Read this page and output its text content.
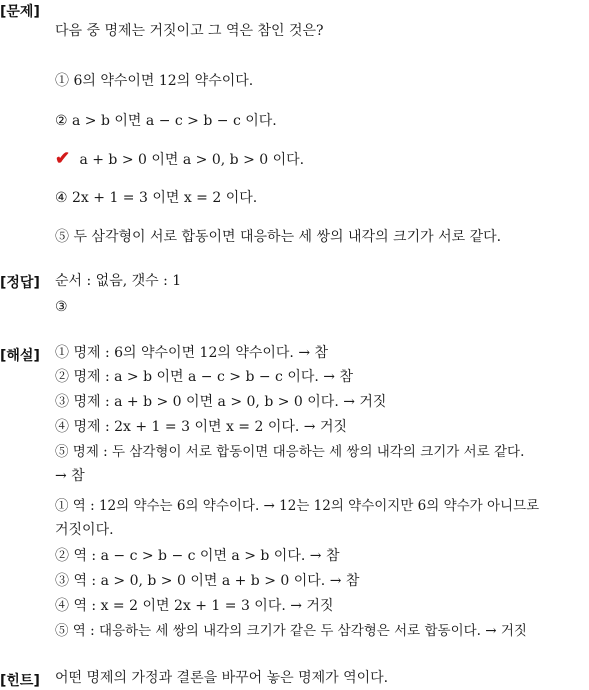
[문제]
다음 중 명제는 거짓이고 그 역은 참인 것은?
① 6의 약수이면 12의 약수이다.
② a > b 이면 a − c > b − c 이다.
✔ a + b > 0 이면 a > 0, b > 0 이다.
④ 2x + 1 = 3 이면 x = 2 이다.
⑤ 두 삼각형이 서로 합동이면 대응하는 세 쌍의 내각의 크기가 서로 같다.
[정답] 순서 : 없음, 갯수 : 1
③
[해설] ① 명제 : 6의 약수이면 12의 약수이다. → 참
② 명제 : a > b 이면 a − c > b − c 이다. → 참
③ 명제 : a + b > 0 이면 a > 0, b > 0 이다. → 거짓
④ 명제 : 2x + 1 = 3 이면 x = 2 이다. → 거짓
⑤ 명제 : 두 삼각형이 서로 합동이면 대응하는 세 쌍의 내각의 크기가 서로 같다.
→ 참
① 역 : 12의 약수는 6의 약수이다. → 12는 12의 약수이지만 6의 약수가 아니므로
거짓이다.
② 역 : a − c > b − c 이면 a > b 이다. → 참
③ 역 : a > 0, b > 0 이면 a + b > 0 이다. → 참
④ 역 : x = 2 이면 2x + 1 = 3 이다. → 거짓
⑤ 역 : 대응하는 세 쌍의 내각의 크기가 같은 두 삼각형은 서로 합동이다. → 거짓
[힌트] 어떤 명제의 가정과 결론을 바꾸어 놓은 명제가 역이다.
